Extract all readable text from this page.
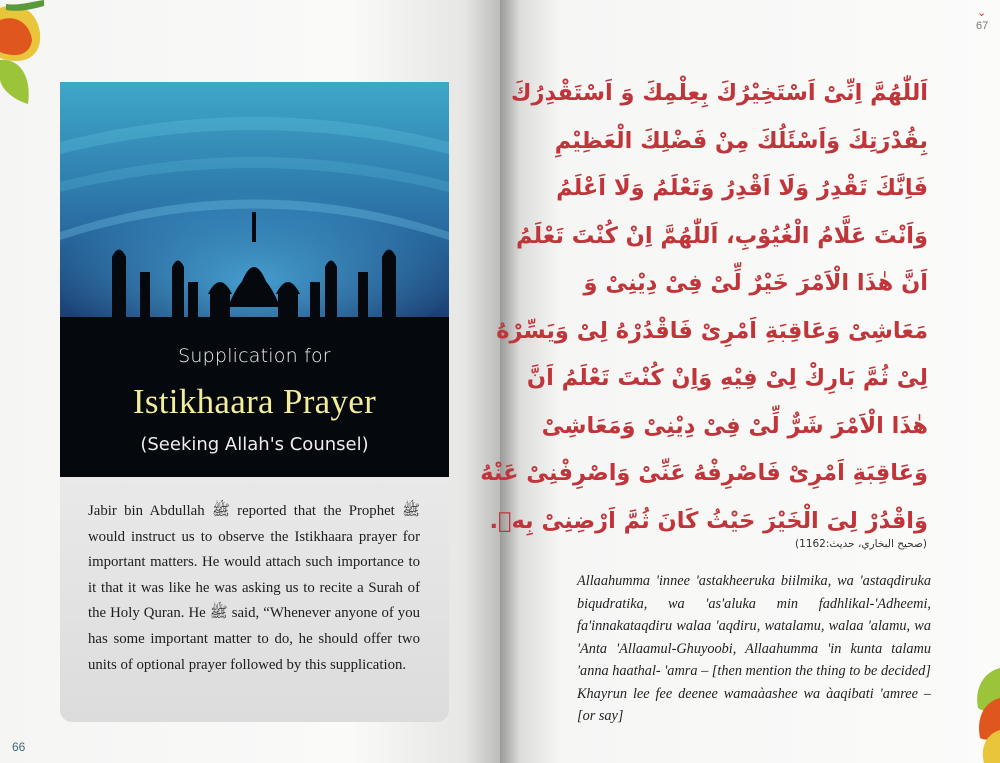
Supplication for
Istikhaara Prayer
(Seeking Allah's Counsel)
Jabir bin Abdullah ﷺ reported that the Prophet ﷺ would instruct us to observe the Istikhaara prayer for important matters. He would attach such importance to it that it was like he was asking us to recite a Surah of the Holy Quran. He ﷺ said, “Whenever anyone of you has some important matter to do, he should offer two units of optional prayer followed by this supplication.
66
⌄
67
اَللّٰهُمَّ اِنِّیْ اَسْتَخِیْرُكَ بِعِلْمِكَ وَ اَسْتَقْدِرُكَ
بِقُدْرَتِكَ وَاَسْئَلُكَ مِنْ فَضْلِكَ الْعَظِیْمِ
فَاِنَّكَ تَقْدِرُ وَلَا اَقْدِرُ وَتَعْلَمُ وَلَا اَعْلَمُ
وَاَنْتَ عَلَّامُ الْغُیُوْبِ، اَللّٰهُمَّ اِنْ كُنْتَ تَعْلَمُ
اَنَّ هٰذَا الْاَمْرَ خَیْرٌ لِّیْ فِیْ دِیْنِیْ وَ
مَعَاشِیْ وَعَاقِبَةِ اَمْرِیْ فَاقْدُرْهُ لِیْ وَیَسِّرْهُ
لِیْ ثُمَّ بَارِكْ لِیْ فِیْهِ وَاِنْ كُنْتَ تَعْلَمُ اَنَّ
هٰذَا الْاَمْرَ شَرٌّ لِّیْ فِیْ دِیْنِیْ وَمَعَاشِیْ
وَعَاقِبَةِ اَمْرِیْ فَاصْرِفْهُ عَنِّیْ وَاصْرِفْنِیْ عَنْهُ
وَاقْدُرْ لِیَ الْخَیْرَ حَیْثُ كَانَ ثُمَّ اَرْضِنِیْ بِهٖ.
(صحيح البخاري، حديث:1162)
Allaahumma 'innee 'astakheeruka biilmika, wa 'astaqdiruka biqudratika, wa 'as'aluka min fadhlikal-'Adheemi, fa'innakataqdiru walaa 'aqdiru, watalamu, walaa 'alamu, wa 'Anta 'Allaamul-Ghuyoobi, Allaahumma 'in kunta talamu 'anna haathal- 'amra – [then mention the thing to be decided] Khayrun lee fee deenee wamaàashee wa àaqibati 'amree – [or say]
